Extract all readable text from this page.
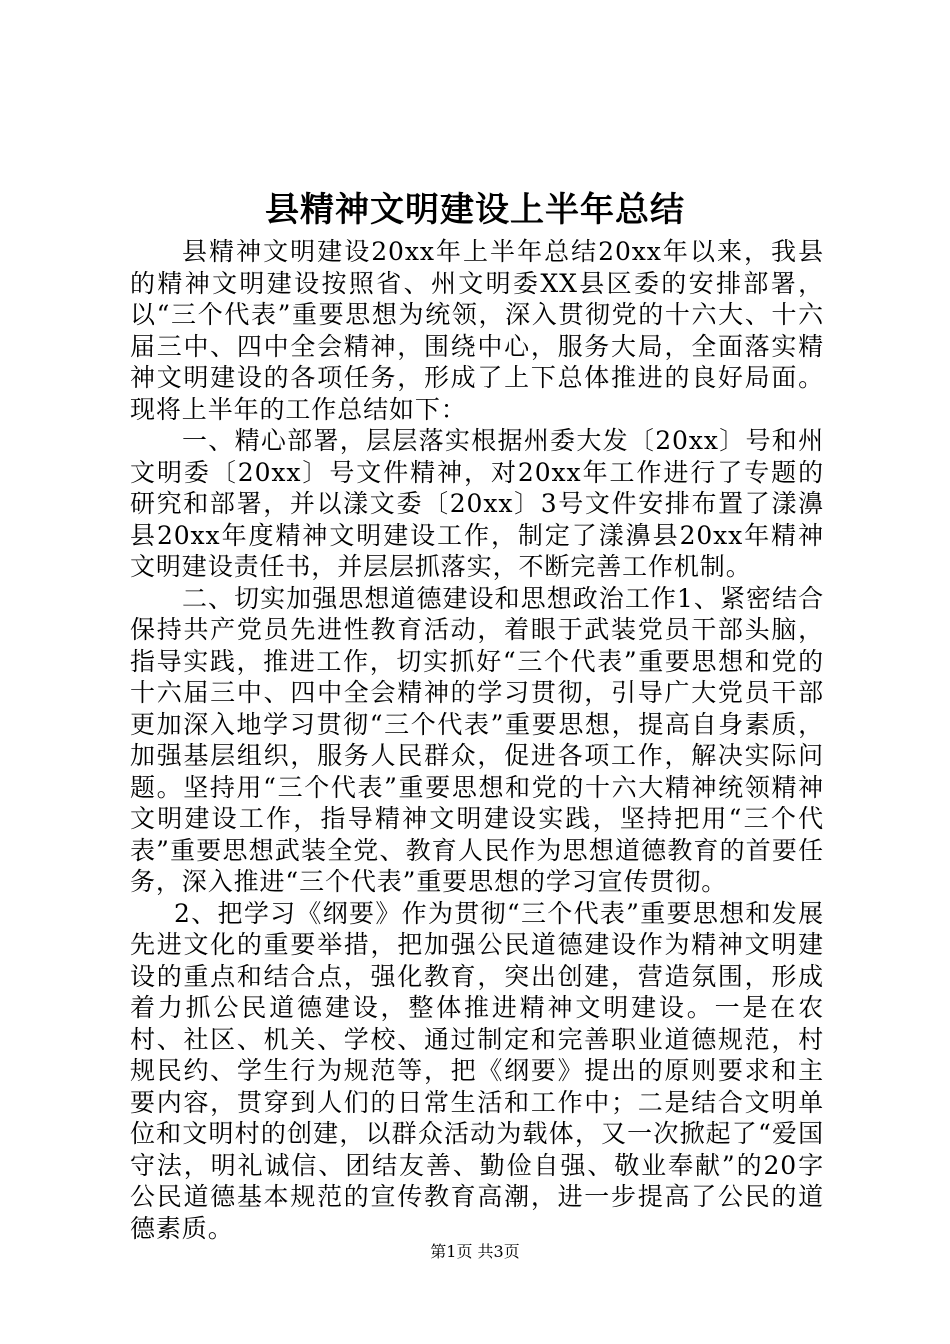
县精神文明建设上半年总结

县精神文明建设20xx年上半年总结20xx年以来，我县的精神文明建设按照省、州文明委XX县区委的安排部署，以“三个代表”重要思想为统领，深入贯彻党的十六大、十六届三中、四中全会精神，围绕中心，服务大局，全面落实精神文明建设的各项任务，形成了上下总体推进的良好局面。现将上半年的工作总结如下：

一、精心部署，层层落实根据州委大发〔20xx〕号和州文明委〔20xx〕号文件精神，对20xx年工作进行了专题的研究和部署，并以漾文委〔20xx〕3号文件安排布置了漾濞县20xx年度精神文明建设工作，制定了漾濞县20xx年精神文明建设责任书，并层层抓落实，不断完善工作机制。

二、切实加强思想道德建设和思想政治工作1、紧密结合保持共产党员先进性教育活动，着眼于武装党员干部头脑，指导实践，推进工作，切实抓好“三个代表”重要思想和党的十六届三中、四中全会精神的学习贯彻，引导广大党员干部更加深入地学习贯彻“三个代表”重要思想，提高自身素质，加强基层组织，服务人民群众，促进各项工作，解决实际问题。坚持用“三个代表”重要思想和党的十六大精神统领精神文明建设工作，指导精神文明建设实践，坚持把用“三个代表”重要思想武装全党、教育人民作为思想道德教育的首要任务，深入推进“三个代表”重要思想的学习宣传贯彻。

2、把学习《纲要》作为贯彻“三个代表”重要思想和发展先进文化的重要举措，把加强公民道德建设作为精神文明建设的重点和结合点，强化教育，突出创建，营造氛围，形成着力抓公民道德建设，整体推进精神文明建设。一是在农村、社区、机关、学校、通过制定和完善职业道德规范，村规民约、学生行为规范等，把《纲要》提出的原则要求和主要内容，贯穿到人们的日常生活和工作中；二是结合文明单位和文明村的创建，以群众活动为载体，又一次掀起了“爱国守法，明礼诚信、团结友善、勤俭自强、敬业奉献”的20字公民道德基本规范的宣传教育高潮，进一步提高了公民的道德素质。

第1页 共3页
